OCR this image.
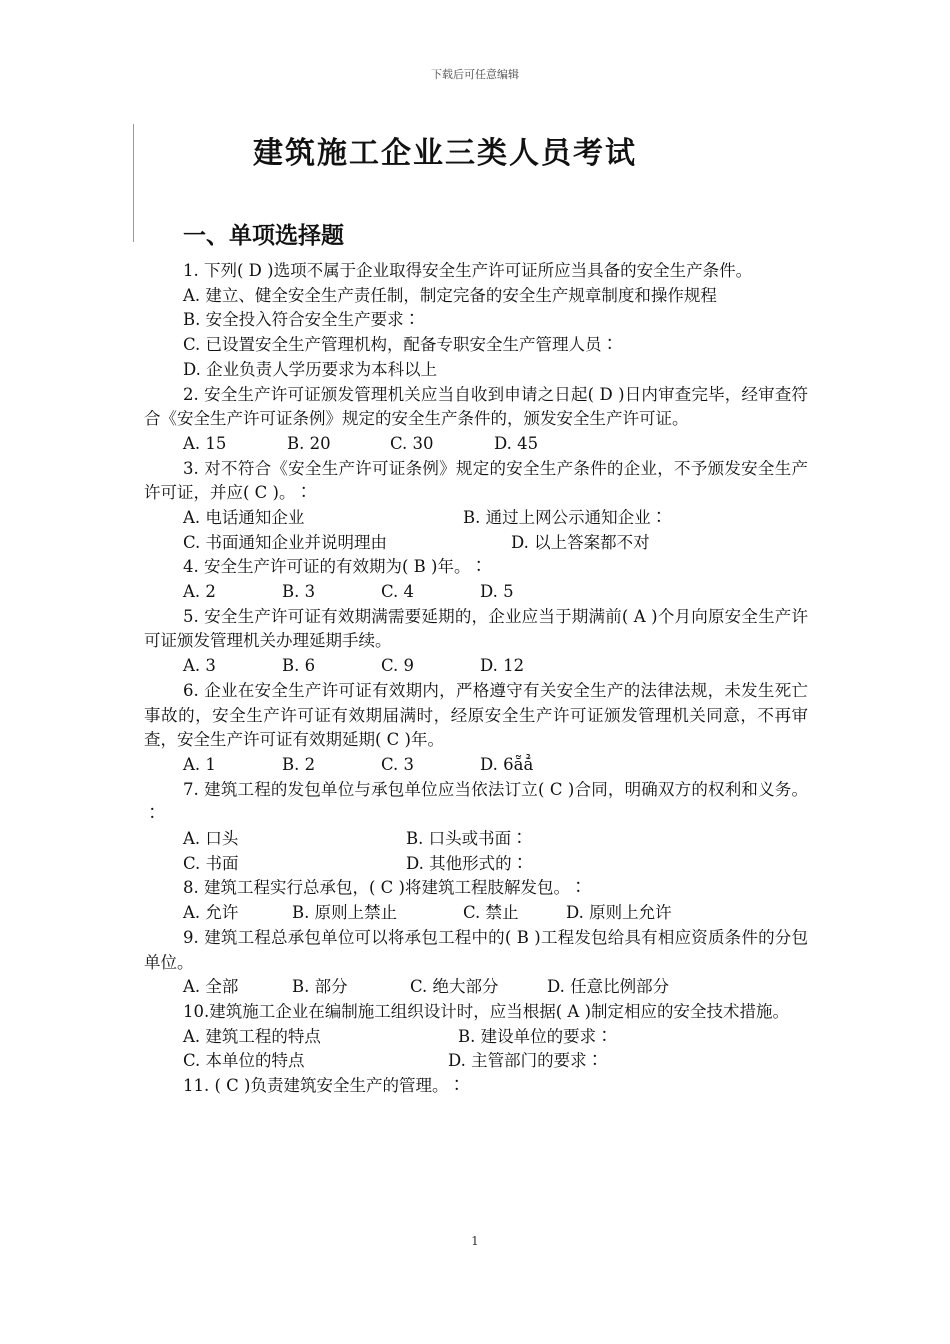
下载后可任意编辑
建筑施工企业三类人员考试
一、单项选择题

1. 下列( D )选项不属于企业取得安全生产许可证所应当具备的安全生产条件。

A. 建立、健全安全生产责任制，制定完备的安全生产规章制度和操作规程

B. 安全投入符合安全生产要求∶

C. 已设置安全生产管理机构，配备专职安全生产管理人员∶

D. 企业负责人学历要求为本科以上

2. 安全生产许可证颁发管理机关应当自收到申请之日起( D )日内审查完毕，经审查符合《安全生产许可证条例》规定的安全生产条件的，颁发安全生产许可证。

A. 15	B. 20	C. 30	D. 45

3. 对不符合《安全生产许可证条例》规定的安全生产条件的企业，不予颁发安全生产许可证，并应( C )。∶

A. 电话通知企业	B. 通过上网公示通知企业∶
C. 书面通知企业并说明理由	D. 以上答案都不对

4. 安全生产许可证的有效期为( B )年。∶

A. 2	B. 3	C. 4	D. 5

5. 安全生产许可证有效期满需要延期的，企业应当于期满前( A )个月向原安全生产许可证颁发管理机关办理延期手续。

A. 3	B. 6	C. 9	D. 12

6. 企业在安全生产许可证有效期内，严格遵守有关安全生产的法律法规，未发生死亡事故的，安全生产许可证有效期届满时，经原安全生产许可证颁发管理机关同意，不再审查，安全生产许可证有效期延期( C )年。

A. 1	B. 2	C. 3	D. 6ẵẳ

7. 建筑工程的发包单位与承包单位应当依法订立( C )合同，明确双方的权利和义务。∶

A. 口头	B. 口头或书面∶
C. 书面	D. 其他形式的∶

8. 建筑工程实行总承包，( C )将建筑工程肢解发包。∶

A. 允许	B. 原则上禁止	C. 禁止	D. 原则上允许

9. 建筑工程总承包单位可以将承包工程中的( B )工程发包给具有相应资质条件的分包单位。

A. 全部	B. 部分	C. 绝大部分	D. 任意比例部分

10.建筑施工企业在编制施工组织设计时，应当根据( A )制定相应的安全技术措施。

A. 建筑工程的特点	B. 建设单位的要求∶
C. 本单位的特点	D. 主管部门的要求∶

11. ( C )负责建筑安全生产的管理。∶

1
